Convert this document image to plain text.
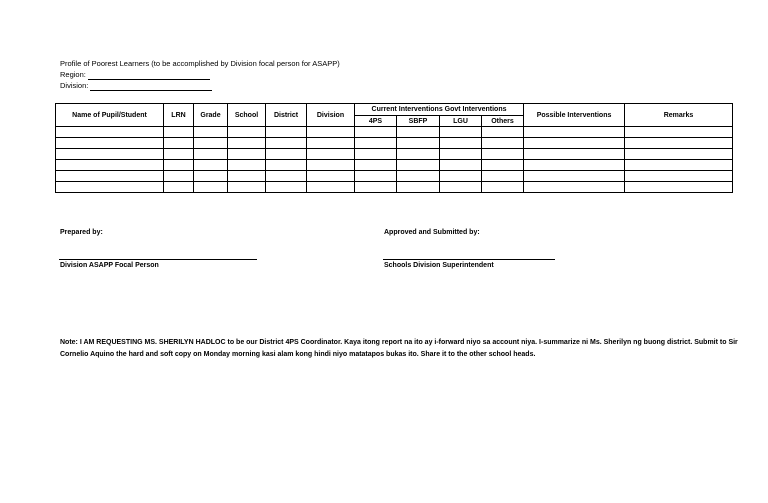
Profile of Poorest Learners (to be accomplished by Division focal person for ASAPP)
Region:
Division:
Name of Pupil/Student	LRN	Grade	School	District	Division	Current Interventions Govt Interventions				Possible Interventions	Remarks
						4PS	SBFP	LGU	Others		

Prepared by:
Division ASAPP Focal Person
Approved and Submitted by:
Schools Division Superintendent
Note: I AM REQUESTING MS. SHERILYN HADLOC to be our District 4PS Coordinator. Kaya itong report na ito ay i-forward niyo sa account niya. I-summarize ni Ms. Sherilyn ng buong district. Submit to Sir Cornelio Aquino the hard and soft copy on Monday morning kasi alam kong hindi niyo matatapos bukas ito. Share it to the other school heads.
